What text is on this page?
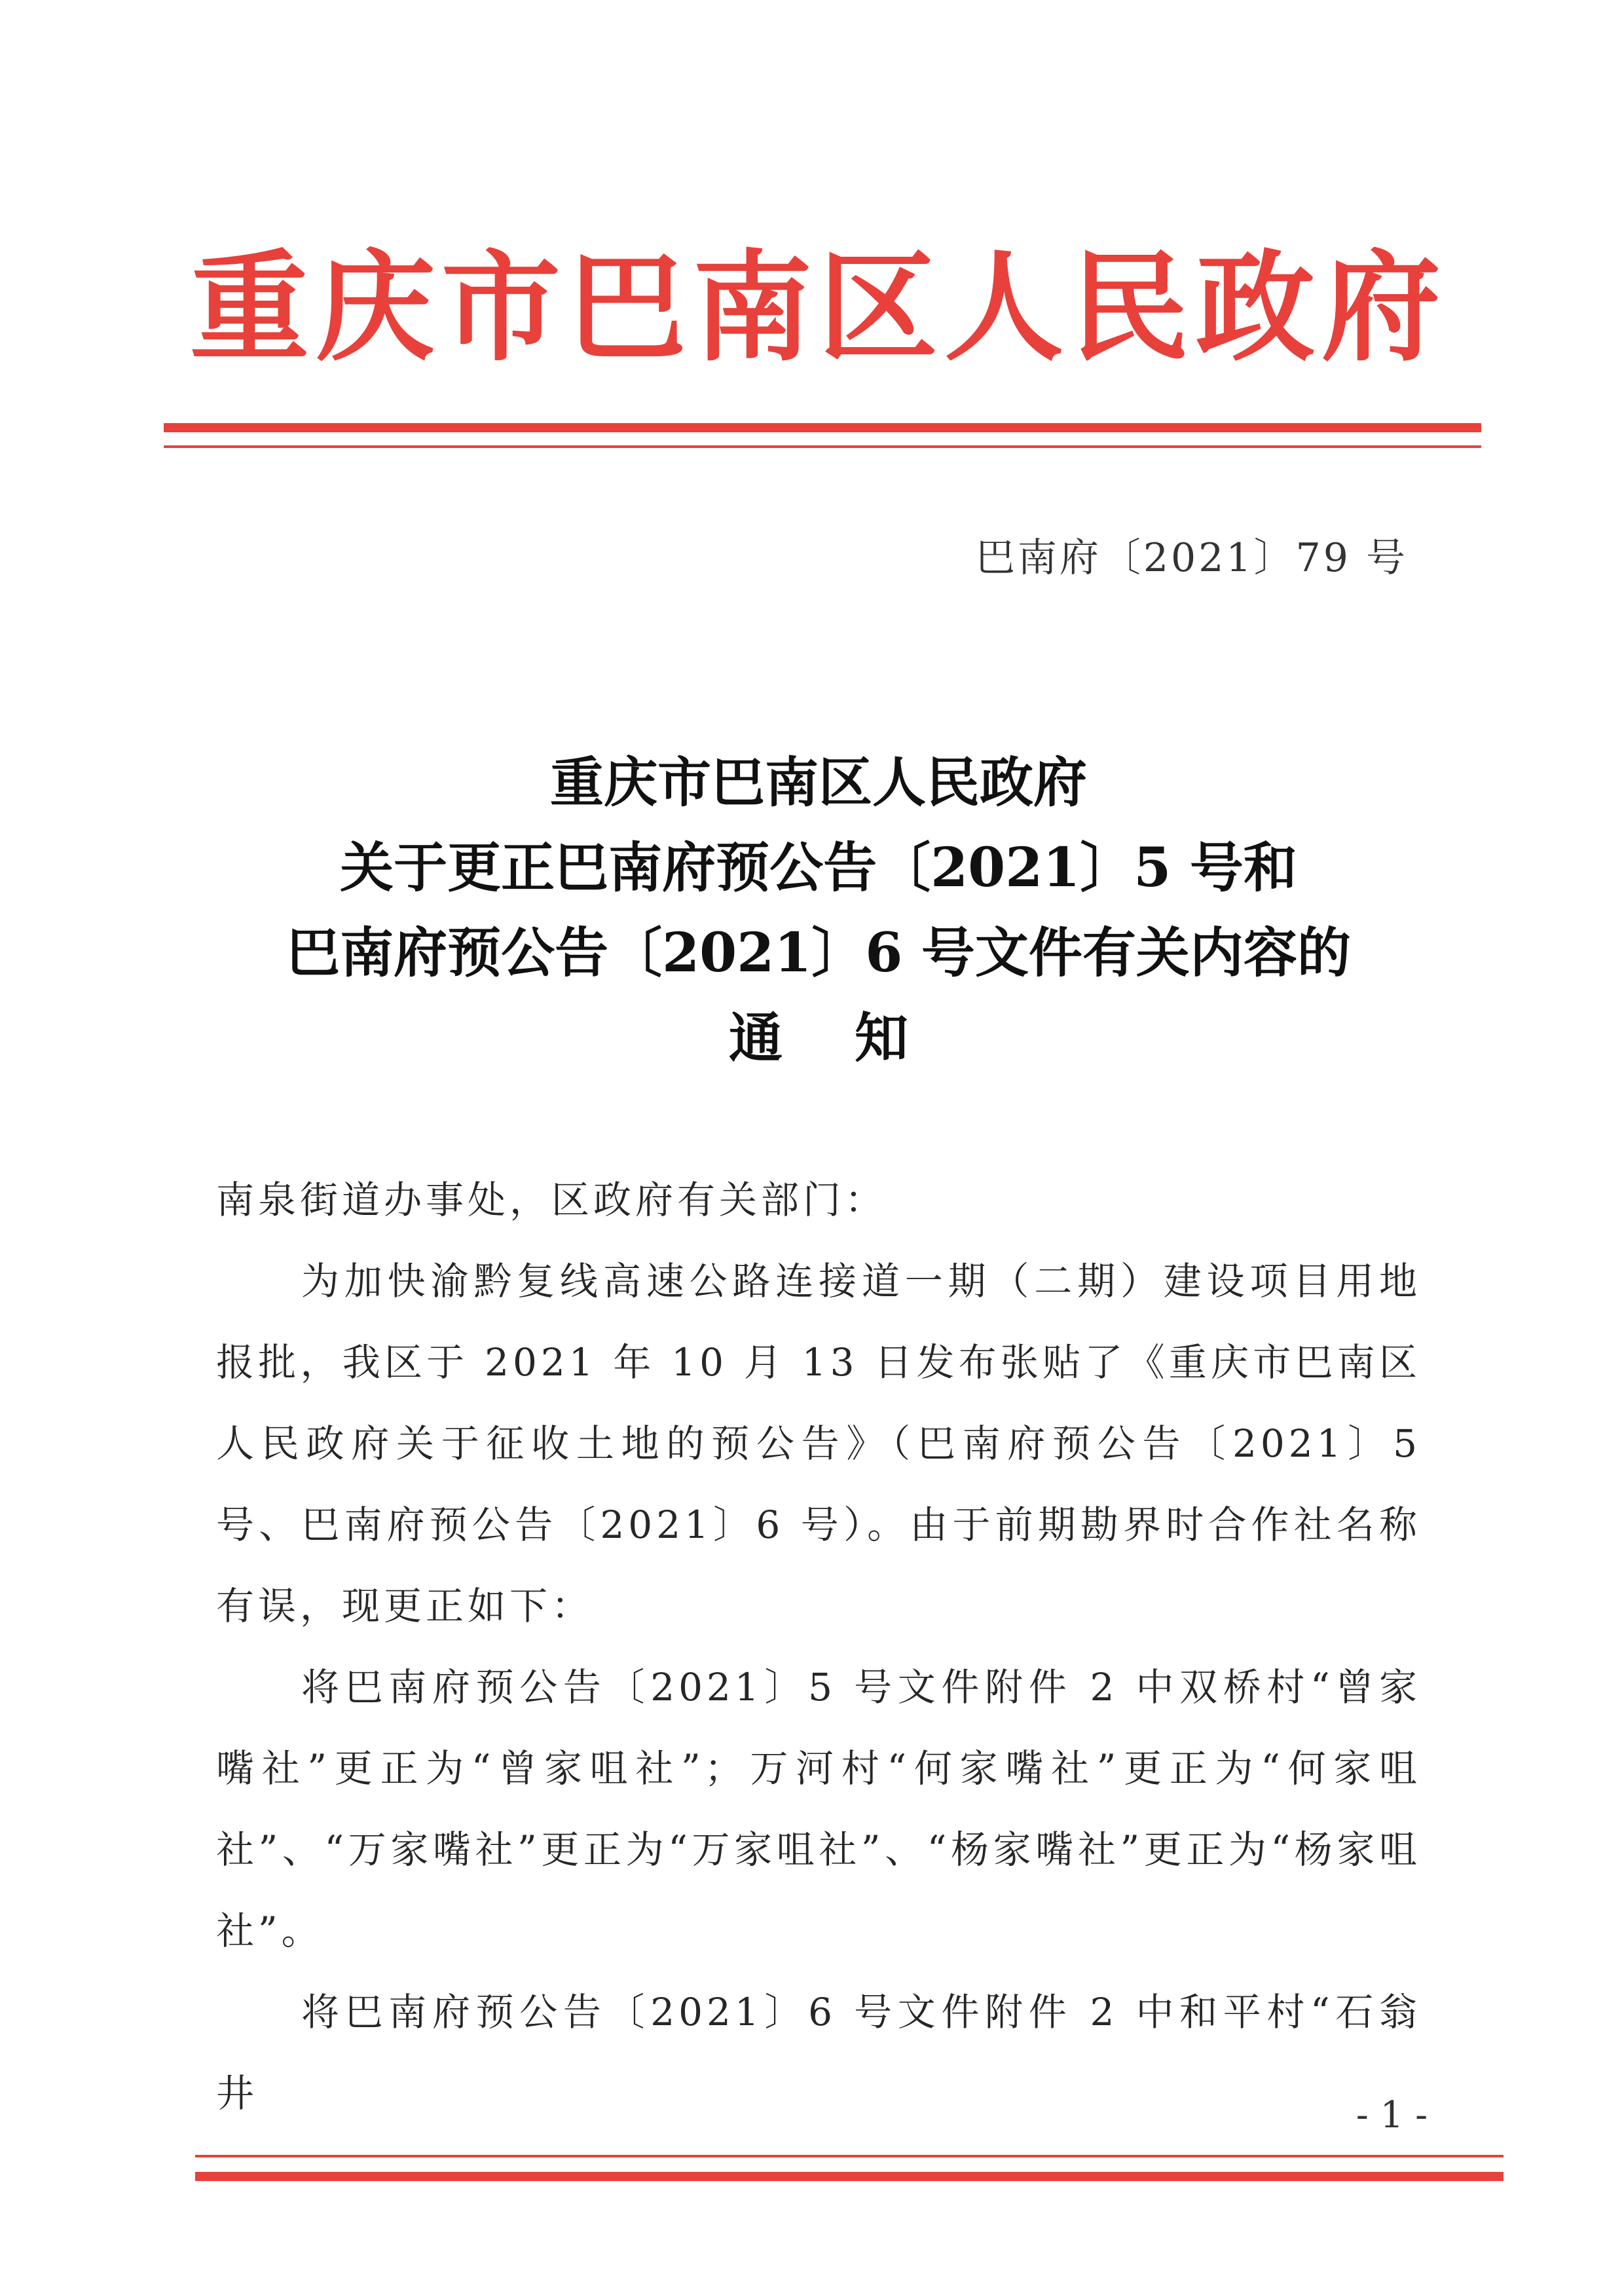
重庆市巴南区人民政府
巴南府〔2021〕79 号
重庆市巴南区人民政府
关于更正巴南府预公告〔2021〕5 号和
巴南府预公告〔2021〕6 号文件有关内容的
通知

南泉街道办事处，区政府有关部门：

为加快渝黔复线高速公路连接道一期（二期）建设项目用地报批，我区于 2021 年 10 月 13 日发布张贴了《重庆市巴南区人民政府关于征收土地的预公告》（巴南府预公告〔2021〕5 号、巴南府预公告〔2021〕6 号）。由于前期勘界时合作社名称有误，现更正如下：

将巴南府预公告〔2021〕5 号文件附件 2 中双桥村“曾家嘴社”更正为“曾家咀社”；万河村“何家嘴社”更正为“何家咀社”、“万家嘴社”更正为“万家咀社”、“杨家嘴社”更正为“杨家咀社”。

将巴南府预公告〔2021〕6 号文件附件 2 中和平村“石翁井	- 1 -
